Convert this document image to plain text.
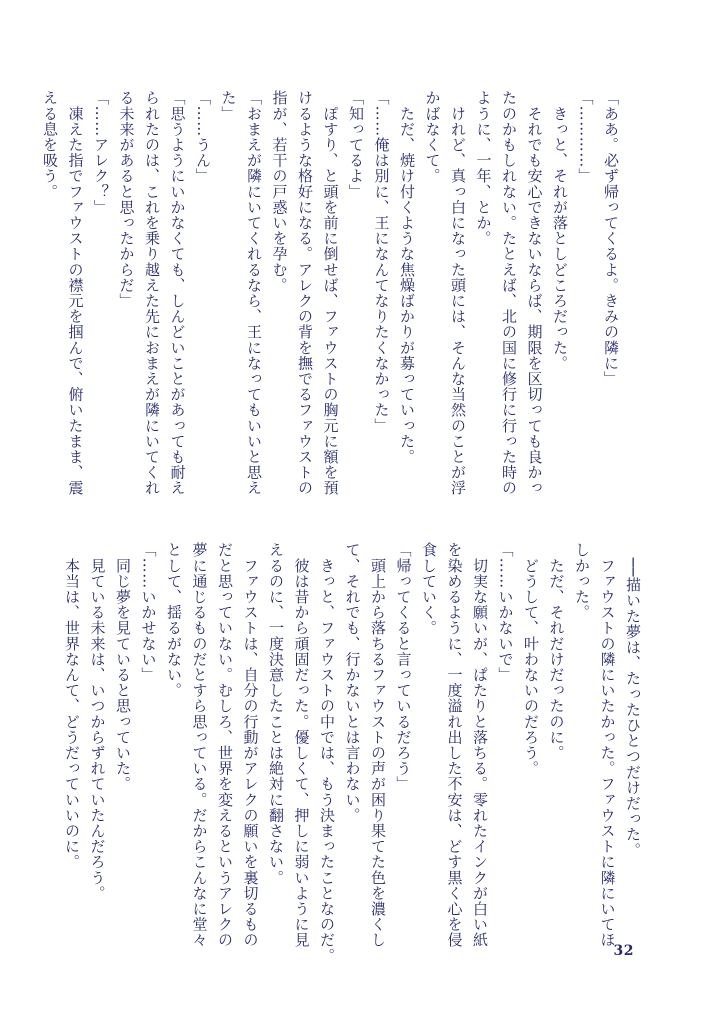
「ああ。必ず帰ってくるよ。きみの隣に」
「…………」
　きっと、それが落としどころだった。
　それでも安心できないならば、期限を区切っても良かっ
たのかもしれない。たとえば、北の国に修行に行った時の
ように、一年、とか。
　けれど、真っ白になった頭には、そんな当然のことが浮
かばなくて。
　ただ、焼け付くような焦燥ばかりが募っていった。
「……俺は別に、王になんてなりたくなかった」
「知ってるよ」
　ぽすり、と頭を前に倒せば、ファウストの胸元に額を預
けるような格好になる。アレクの背を撫でるファウストの
指が、若干の戸惑いを孕む。
「おまえが隣にいてくれるなら、王になってもいいと思え
た」
「……うん」
「思うようにいかなくても、しんどいことがあっても耐え
られたのは、これを乗り越えた先におまえが隣にいてくれ
る未来があると思ったからだ」
「……アレク？」
　凍えた指でファウストの襟元を掴んで、俯いたまま、震
える息を吸う。
　──描いた夢は、たったひとつだけだった。
　ファウストの隣にいたかった。ファウストに隣にいてほ
しかった。
　ただ、それだけだったのに。
　どうして、叶わないのだろう。
「……いかないで」
　切実な願いが、ぱたりと落ちる。零れたインクが白い紙
を染めるように、一度溢れ出した不安は、どす黒く心を侵
食していく。
「帰ってくると言っているだろう」
　頭上から落ちるファウストの声が困り果てた色を濃くし
て、それでも、行かないとは言わない。
　きっと、ファウストの中では、もう決まったことなのだ。
　彼は昔から頑固だった。優しくて、押しに弱いように見
えるのに、一度決意したことは絶対に翻さない。
　ファウストは、自分の行動がアレクの願いを裏切るもの
だと思っていない。むしろ、世界を変えるというアレクの
夢に通じるものだとすら思っている。だからこんなに堂々
として、揺るがない。
「……いかせない」
　同じ夢を見ていると思っていた。
　見ている未来は、いつからずれていたんだろう。
　本当は、世界なんて、どうだっていいのに。
32
